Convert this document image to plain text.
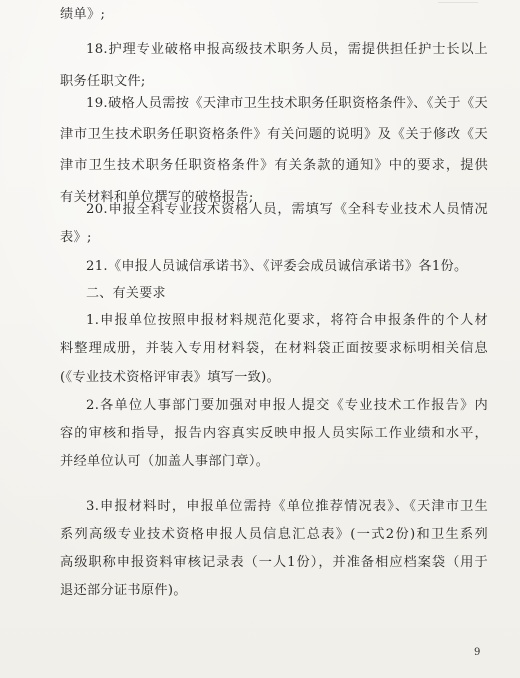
绩单》;
18.护理专业破格申报高级技术职务人员，需提供担任护士长以上
职务任职文件;
19.破格人员需按《天津市卫生技术职务任职资格条件》、《关于《天
津市卫生技术职务任职资格条件》有关问题的说明》及《关于修改《天
津市卫生技术职务任职资格条件》有关条款的通知》中的要求，提供
有关材料和单位撰写的破格报告;
20.申报全科专业技术资格人员，需填写《全科专业技术人员情况
表》;
21.《申报人员诚信承诺书》、《评委会成员诚信承诺书》各1份。
二、有关要求
1.申报单位按照申报材料规范化要求，将符合申报条件的个人材
料整理成册，并装入专用材料袋，在材料袋正面按要求标明相关信息
(《专业技术资格评审表》填写一致)。
2.各单位人事部门要加强对申报人提交《专业技术工作报告》内
容的审核和指导，报告内容真实反映申报人员实际工作业绩和水平，
并经单位认可（加盖人事部门章）。
3.申报材料时，申报单位需持《单位推荐情况表》、《天津市卫生
系列高级专业技术资格申报人员信息汇总表》(一式2份)和卫生系列
高级职称申报资料审核记录表（一人1份），并准备相应档案袋（用于
退还部分证书原件)。
9
